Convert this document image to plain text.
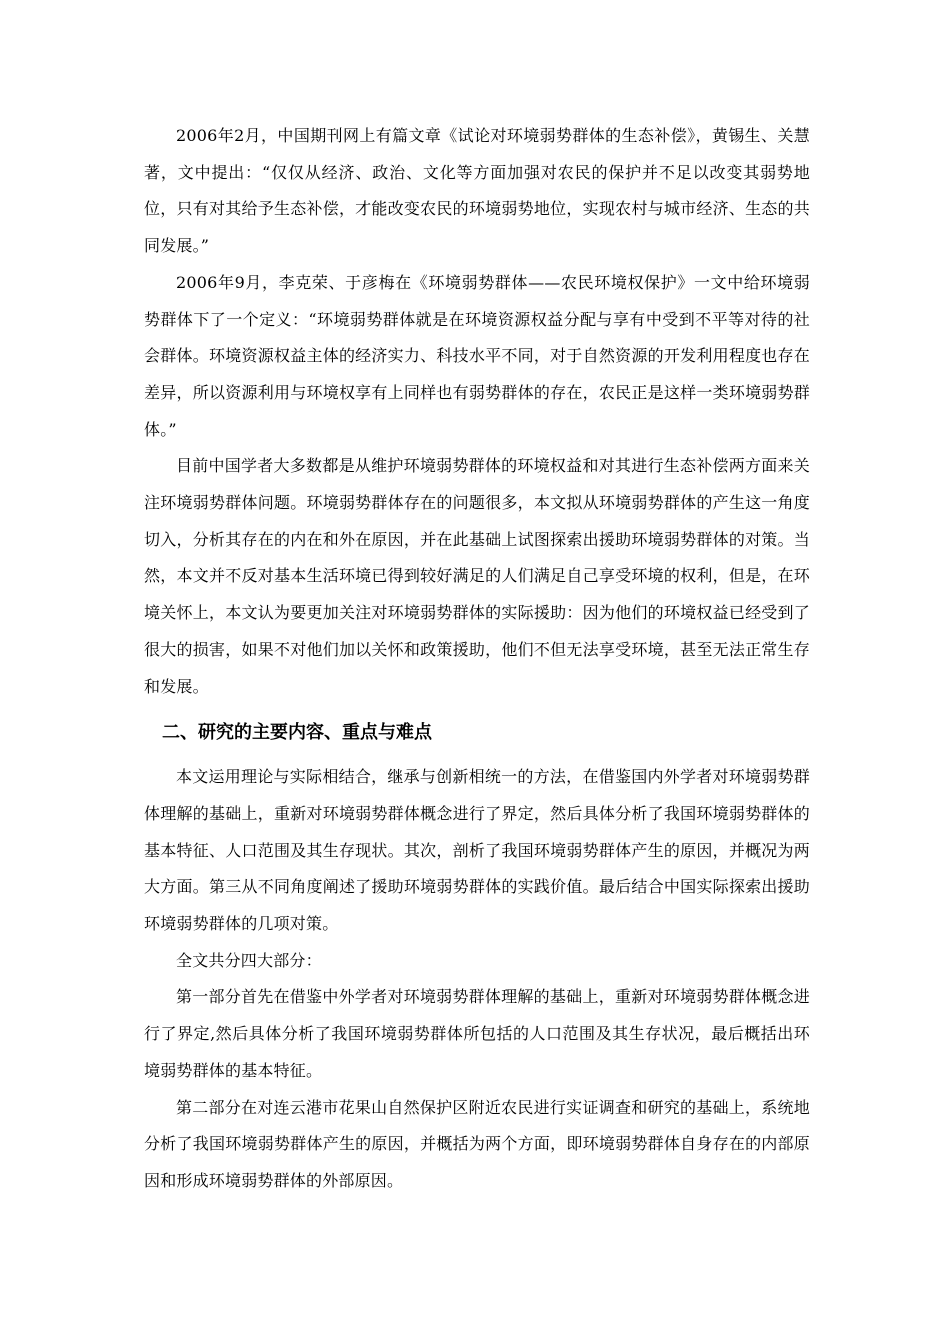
2006年2月，中国期刊网上有篇文章《试论对环境弱势群体的生态补偿》，黄锡生、关慧著，文中提出：“仅仅从经济、政治、文化等方面加强对农民的保护并不足以改变其弱势地位，只有对其给予生态补偿，才能改变农民的环境弱势地位，实现农村与城市经济、生态的共同发展。”

2006年9月，李克荣、于彦梅在《环境弱势群体——农民环境权保护》一文中给环境弱势群体下了一个定义：“环境弱势群体就是在环境资源权益分配与享有中受到不平等对待的社会群体。环境资源权益主体的经济实力、科技水平不同，对于自然资源的开发利用程度也存在差异，所以资源利用与环境权享有上同样也有弱势群体的存在，农民正是这样一类环境弱势群体。”

目前中国学者大多数都是从维护环境弱势群体的环境权益和对其进行生态补偿两方面来关注环境弱势群体问题。环境弱势群体存在的问题很多，本文拟从环境弱势群体的产生这一角度切入，分析其存在的内在和外在原因，并在此基础上试图探索出援助环境弱势群体的对策。当然，本文并不反对基本生活环境已得到较好满足的人们满足自己享受环境的权利，但是，在环境关怀上，本文认为要更加关注对环境弱势群体的实际援助：因为他们的环境权益已经受到了很大的损害，如果不对他们加以关怀和政策援助，他们不但无法享受环境，甚至无法正常生存和发展。

二、研究的主要内容、重点与难点

本文运用理论与实际相结合，继承与创新相统一的方法，在借鉴国内外学者对环境弱势群体理解的基础上，重新对环境弱势群体概念进行了界定，然后具体分析了我国环境弱势群体的基本特征、人口范围及其生存现状。其次，剖析了我国环境弱势群体产生的原因，并概况为两大方面。第三从不同角度阐述了援助环境弱势群体的实践价值。最后结合中国实际探索出援助环境弱势群体的几项对策。

全文共分四大部分：

第一部分首先在借鉴中外学者对环境弱势群体理解的基础上，重新对环境弱势群体概念进行了界定,然后具体分析了我国环境弱势群体所包括的人口范围及其生存状况，最后概括出环境弱势群体的基本特征。

第二部分在对连云港市花果山自然保护区附近农民进行实证调查和研究的基础上，系统地分析了我国环境弱势群体产生的原因，并概括为两个方面，即环境弱势群体自身存在的内部原因和形成环境弱势群体的外部原因。
